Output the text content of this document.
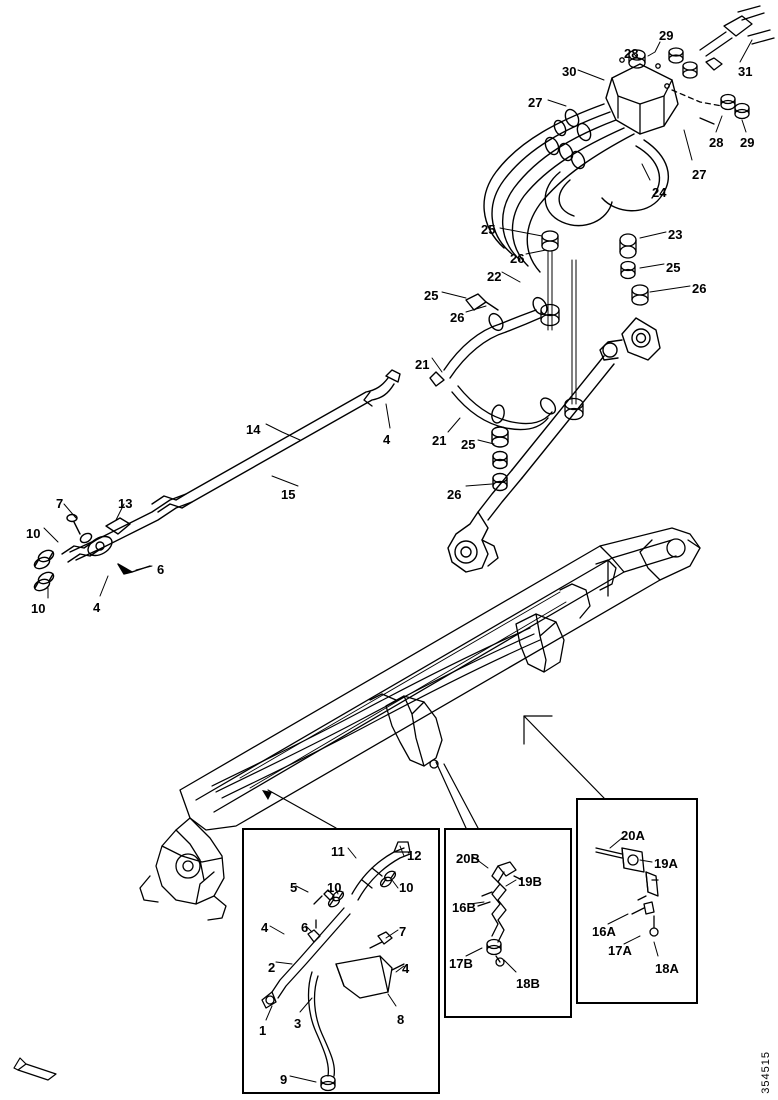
29
28
31
30
27
28 29
27
24
25	23
26
25
22
26
25
26
21
4
14
21 25
15	26
7	13
10
6
10	4
11	12	20B
20A
19A
19B
5 10	10
16B
16A
4	6	7
17A
17B	18A
2	4
18B
3
1
8
9	354515
